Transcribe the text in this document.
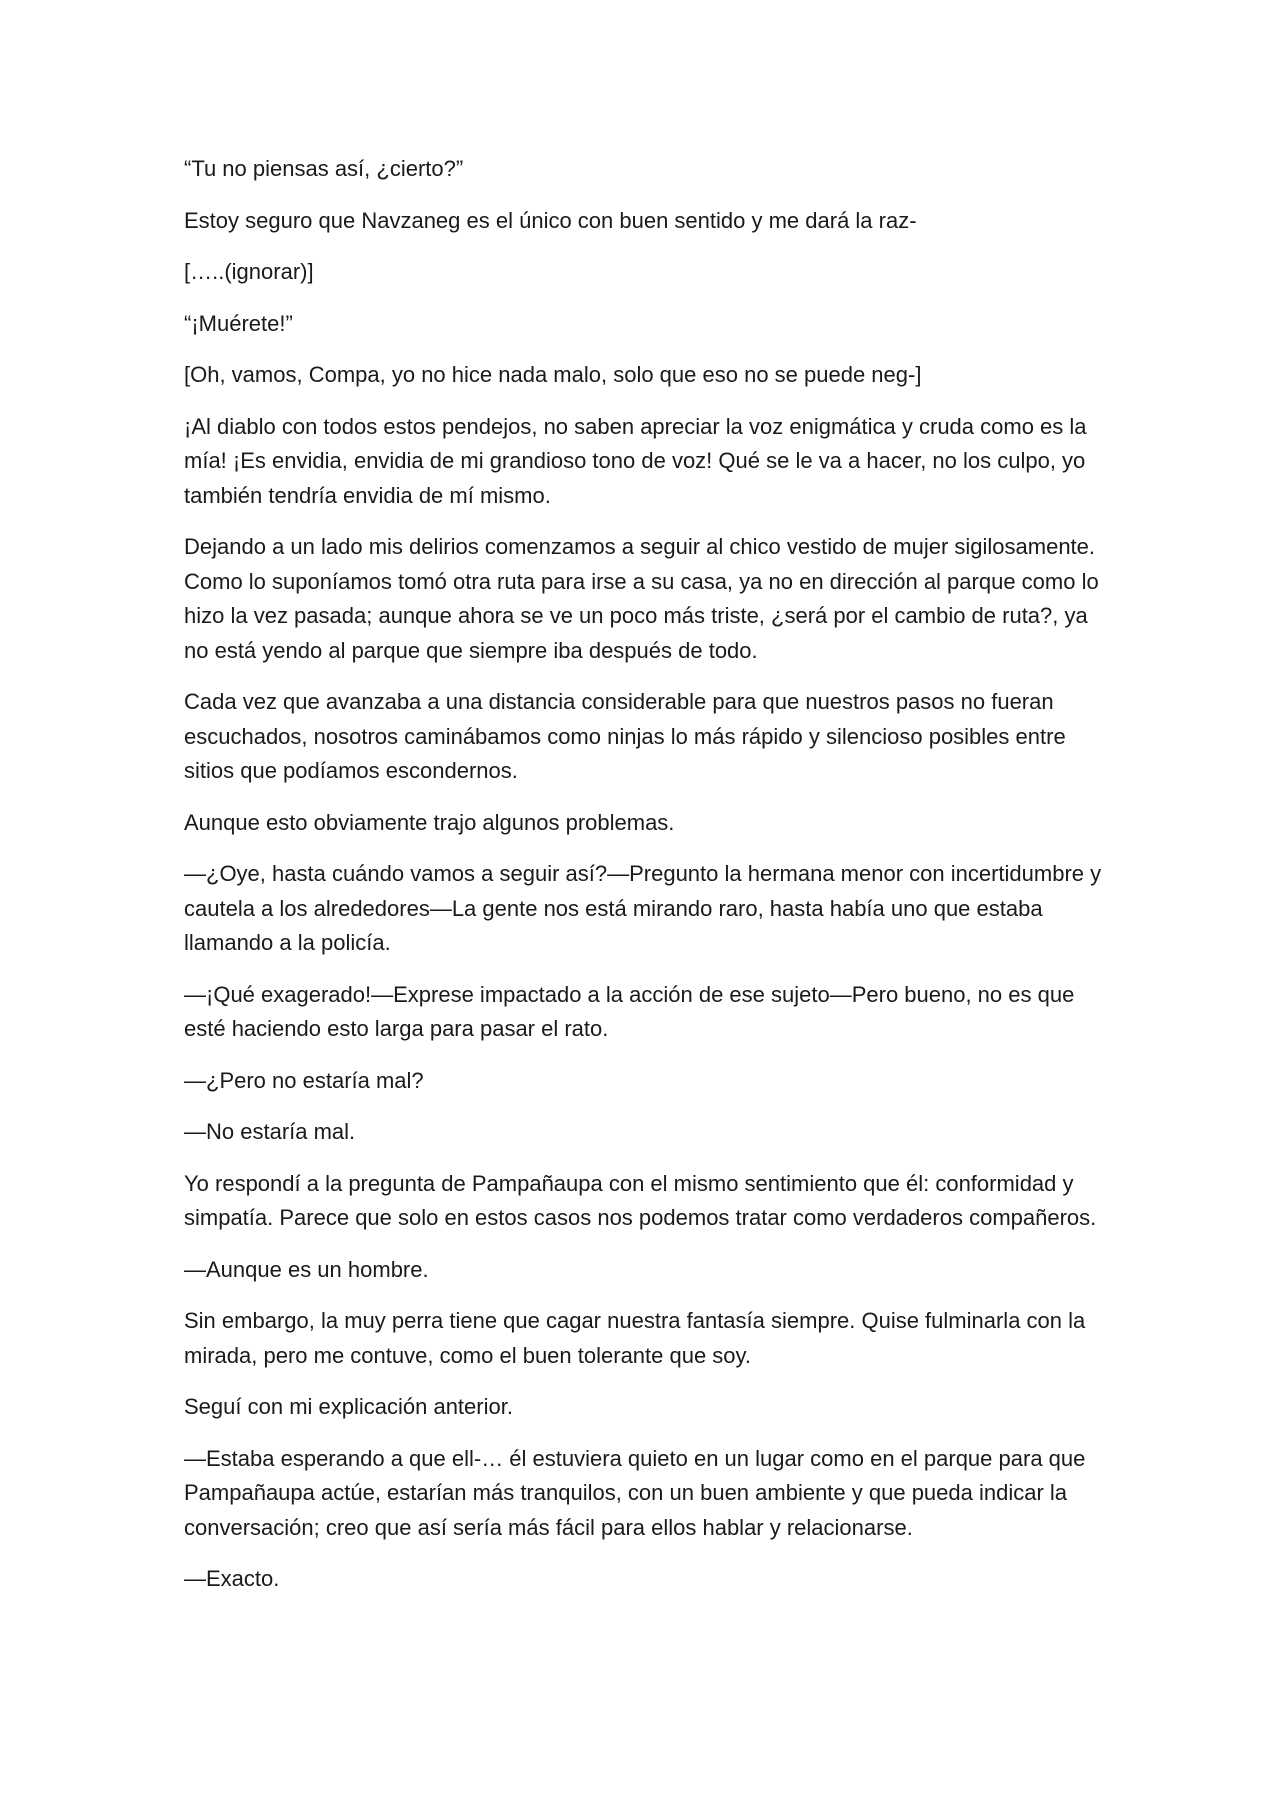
“Tu no piensas así, ¿cierto?”

Estoy seguro que Navzaneg es el único con buen sentido y me dará la raz-

[…..(ignorar)]

“¡Muérete!”

[Oh, vamos, Compa, yo no hice nada malo, solo que eso no se puede neg-]

¡Al diablo con todos estos pendejos, no saben apreciar la voz enigmática y cruda como es la mía! ¡Es envidia, envidia de mi grandioso tono de voz! Qué se le va a hacer, no los culpo, yo también tendría envidia de mí mismo.

Dejando a un lado mis delirios comenzamos a seguir al chico vestido de mujer sigilosamente. Como lo suponíamos tomó otra ruta para irse a su casa, ya no en dirección al parque como lo hizo la vez pasada; aunque ahora se ve un poco más triste, ¿será por el cambio de ruta?, ya no está yendo al parque que siempre iba después de todo.

Cada vez que avanzaba a una distancia considerable para que nuestros pasos no fueran escuchados, nosotros caminábamos como ninjas lo más rápido y silencioso posibles entre sitios que podíamos escondernos.

Aunque esto obviamente trajo algunos problemas.

—¿Oye, hasta cuándo vamos a seguir así?—Pregunto la hermana menor con incertidumbre y cautela a los alrededores—La gente nos está mirando raro, hasta había uno que estaba llamando a la policía.

—¡Qué exagerado!—Exprese impactado a la acción de ese sujeto—Pero bueno, no es que esté haciendo esto larga para pasar el rato.

—¿Pero no estaría mal?

—No estaría mal.

Yo respondí a la pregunta de Pampañaupa con el mismo sentimiento que él: conformidad y simpatía. Parece que solo en estos casos nos podemos tratar como verdaderos compañeros.

—Aunque es un hombre.

Sin embargo, la muy perra tiene que cagar nuestra fantasía siempre. Quise fulminarla con la mirada, pero me contuve, como el buen tolerante que soy.

Seguí con mi explicación anterior.

—Estaba esperando a que ell-… él estuviera quieto en un lugar como en el parque para que Pampañaupa actúe, estarían más tranquilos, con un buen ambiente y que pueda indicar la conversación; creo que así sería más fácil para ellos hablar y relacionarse.

—Exacto.
